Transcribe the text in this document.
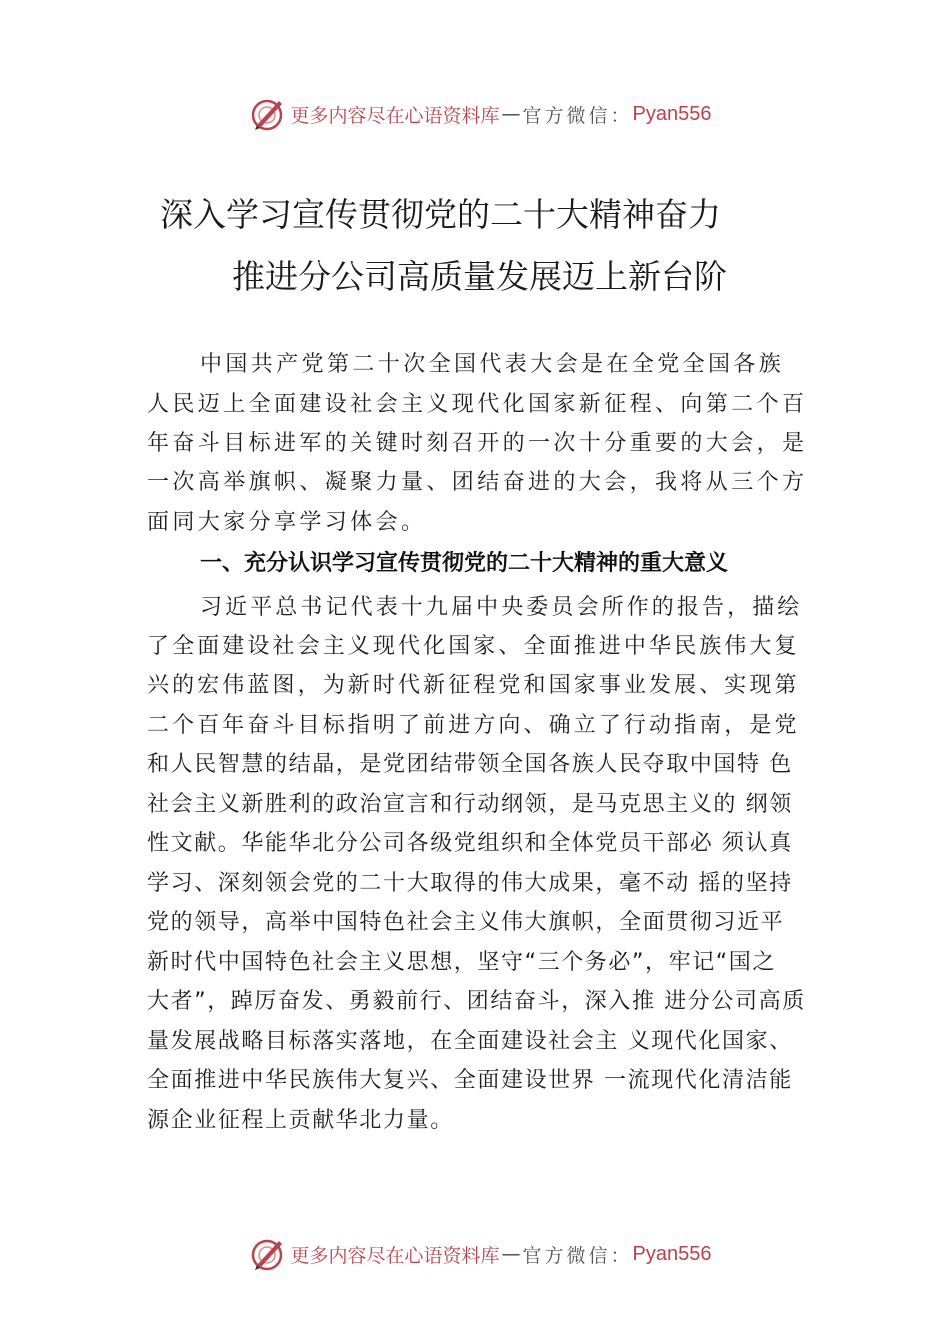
更多内容尽在心语资料库 — 官方微信： Pyan556
深入学习宣传贯彻党的二十大精神奋力
推进分公司高质量发展迈上新台阶
中国共产党第二十次全国代表大会是在全党全国各族
人民迈上全面建设社会主义现代化国家新征程、向第二个百
年奋斗目标进军的关键时刻召开的一次十分重要的大会，是
一次高举旗帜、凝聚力量、团结奋进的大会，我将从三个方
面同大家分享学习体会。
一、充分认识学习宣传贯彻党的二十大精神的重大意义
习近平总书记代表十九届中央委员会所作的报告，描绘
了全面建设社会主义现代化国家、全面推进中华民族伟大复
兴的宏伟蓝图，为新时代新征程党和国家事业发展、实现第
二个百年奋斗目标指明了前进方向、确立了行动指南，是党
和人民智慧的结晶，是党团结带领全国各族人民夺取中国特 色
社会主义新胜利的政治宣言和行动纲领，是马克思主义的 纲领
性文献。华能华北分公司各级党组织和全体党员干部必 须认真
学习、深刻领会党的二十大取得的伟大成果，毫不动 摇的坚持
党的领导，高举中国特色社会主义伟大旗帜，全面贯彻习近平
新时代中国特色社会主义思想，坚守“三个务必”，牢记“国之
大者”，踔厉奋发、勇毅前行、团结奋斗，深入推 进分公司高质
量发展战略目标落实落地，在全面建设社会主 义现代化国家、
全面推进中华民族伟大复兴、全面建设世界 一流现代化清洁能
源企业征程上贡献华北力量。
更多内容尽在心语资料库 — 官方微信： Pyan556
